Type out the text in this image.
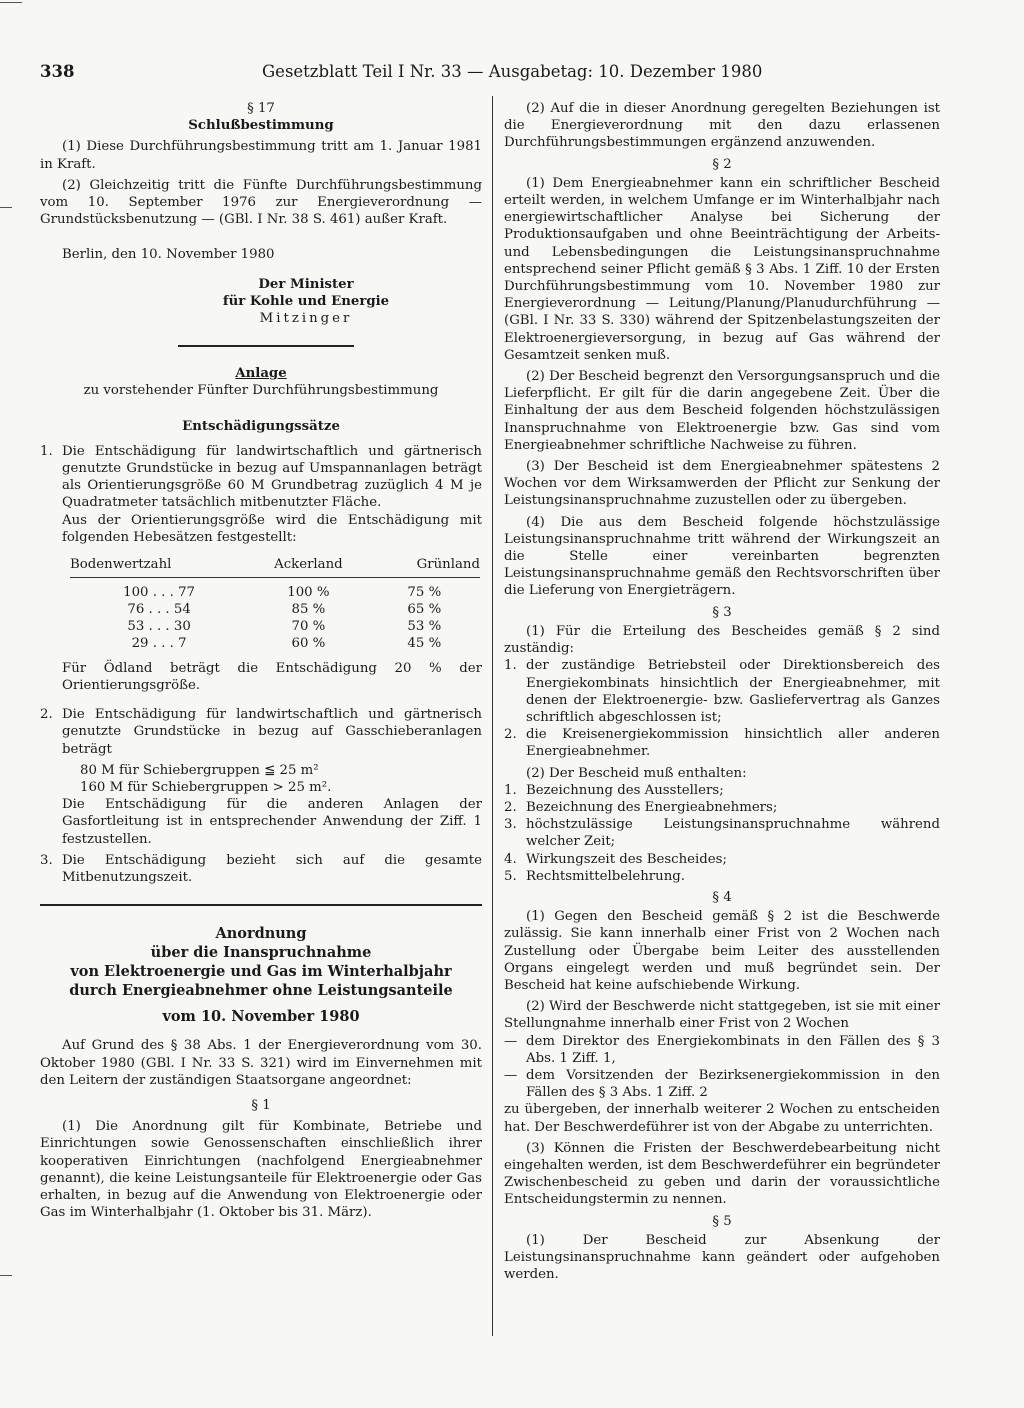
338	Gesetzblatt Teil I Nr. 33 — Ausgabetag: 10. Dezember 1980
§ 17
Schlußbestimmung

(1) Diese Durchführungsbestimmung tritt am 1. Januar 1981 in Kraft.

(2) Gleichzeitig tritt die Fünfte Durchführungsbestimmung vom 10. September 1976 zur Energieverordnung — Grundstücksbenutzung — (GBl. I Nr. 38 S. 461) außer Kraft.

Berlin, den 10. November 1980

Der Minister
für Kohle und Energie
Mitzinger
Anlage
zu vorstehender Fünfter Durchführungsbestimmung
Entschädigungssätze
1. Die Entschädigung für landwirtschaftlich und gärtnerisch genutzte Grundstücke in bezug auf Umspannanlagen beträgt als Orientierungsgröße 60 M Grundbetrag zuzüglich 4 M je Quadratmeter tatsächlich mitbenutzter Fläche.
Aus der Orientierungsgröße wird die Entschädigung mit folgenden Hebesätzen festgestellt:
Bodenwertzahl	Ackerland	Grünland

100 . . . 77	100 %	75 %
76 . . . 54	85 %	65 %
53 . . . 30	70 %	53 %
29 . . . 7	60 %	45 %

Für Ödland beträgt die Entschädigung 20 % der Orientierungsgröße.

2. Die Entschädigung für landwirtschaftlich und gärtnerisch genutzte Grundstücke in bezug auf Gasschieberanlagen beträgt
80 M für Schiebergruppen ≦ 25 m²
160 M für Schiebergruppen > 25 m².
Die Entschädigung für die anderen Anlagen der Gasfortleitung ist in entsprechender Anwendung der Ziff. 1 festzustellen.
3. Die Entschädigung bezieht sich auf die gesamte Mitbenutzungszeit.
Anordnung
über die Inanspruchnahme
von Elektroenergie und Gas im Winterhalbjahr
durch Energieabnehmer ohne Leistungsanteile
vom 10. November 1980

Auf Grund des § 38 Abs. 1 der Energieverordnung vom 30. Oktober 1980 (GBl. I Nr. 33 S. 321) wird im Einvernehmen mit den Leitern der zuständigen Staatsorgane angeordnet:

§ 1

(1) Die Anordnung gilt für Kombinate, Betriebe und Einrichtungen sowie Genossenschaften einschließlich ihrer kooperativen Einrichtungen (nachfolgend Energieabnehmer genannt), die keine Leistungsanteile für Elektroenergie oder Gas erhalten, in bezug auf die Anwendung von Elektroenergie oder Gas im Winterhalbjahr (1. Oktober bis 31. März).

(2) Auf die in dieser Anordnung geregelten Beziehungen ist die Energieverordnung mit den dazu erlassenen Durchführungsbestimmungen ergänzend anzuwenden.

§ 2

(1) Dem Energieabnehmer kann ein schriftlicher Bescheid erteilt werden, in welchem Umfange er im Winterhalbjahr nach energiewirtschaftlicher Analyse bei Sicherung der Produktionsaufgaben und ohne Beeinträchtigung der Arbeits- und Lebensbedingungen die Leistungsinanspruchnahme entsprechend seiner Pflicht gemäß § 3 Abs. 1 Ziff. 10 der Ersten Durchführungsbestimmung vom 10. November 1980 zur Energieverordnung — Leitung/Planung/Planudurchführung — (GBl. I Nr. 33 S. 330) während der Spitzenbelastungszeiten der Elektroenergieversorgung, in bezug auf Gas während der Gesamtzeit senken muß.

(2) Der Bescheid begrenzt den Versorgungsanspruch und die Lieferpflicht. Er gilt für die darin angegebene Zeit. Über die Einhaltung der aus dem Bescheid folgenden höchstzulässigen Inanspruchnahme von Elektroenergie bzw. Gas sind vom Energieabnehmer schriftliche Nachweise zu führen.

(3) Der Bescheid ist dem Energieabnehmer spätestens 2 Wochen vor dem Wirksamwerden der Pflicht zur Senkung der Leistungsinanspruchnahme zuzustellen oder zu übergeben.

(4) Die aus dem Bescheid folgende höchstzulässige Leistungsinanspruchnahme tritt während der Wirkungszeit an die Stelle einer vereinbarten begrenzten Leistungsinanspruchnahme gemäß den Rechtsvorschriften über die Lieferung von Energieträgern.

§ 3

(1) Für die Erteilung des Bescheides gemäß § 2 sind zuständig:

1. der zuständige Betriebsteil oder Direktionsbereich des Energiekombinats hinsichtlich der Energieabnehmer, mit denen der Elektroenergie- bzw. Gasliefervertrag als Ganzes schriftlich abgeschlossen ist;
2. die Kreisenergiekommission hinsichtlich aller anderen Energieabnehmer.

(2) Der Bescheid muß enthalten:

1. Bezeichnung des Ausstellers;
2. Bezeichnung des Energieabnehmers;
3. höchstzulässige Leistungsinanspruchnahme während welcher Zeit;
4. Wirkungszeit des Bescheides;
5. Rechtsmittelbelehrung.
§ 4

(1) Gegen den Bescheid gemäß § 2 ist die Beschwerde zulässig. Sie kann innerhalb einer Frist von 2 Wochen nach Zustellung oder Übergabe beim Leiter des ausstellenden Organs eingelegt werden und muß begründet sein. Der Bescheid hat keine aufschiebende Wirkung.

(2) Wird der Beschwerde nicht stattgegeben, ist sie mit einer Stellungnahme innerhalb einer Frist von 2 Wochen

— dem Direktor des Energiekombinats in den Fällen des § 3 Abs. 1 Ziff. 1,
— dem Vorsitzenden der Bezirksenergiekommission in den Fällen des § 3 Abs. 1 Ziff. 2

zu übergeben, der innerhalb weiterer 2 Wochen zu entscheiden hat. Der Beschwerdeführer ist von der Abgabe zu unterrichten.

(3) Können die Fristen der Beschwerdebearbeitung nicht eingehalten werden, ist dem Beschwerdeführer ein begründeter Zwischenbescheid zu geben und darin der voraussichtliche Entscheidungstermin zu nennen.

§ 5

(1) Der Bescheid zur Absenkung der Leistungsinanspruchnahme kann geändert oder aufgehoben werden.
